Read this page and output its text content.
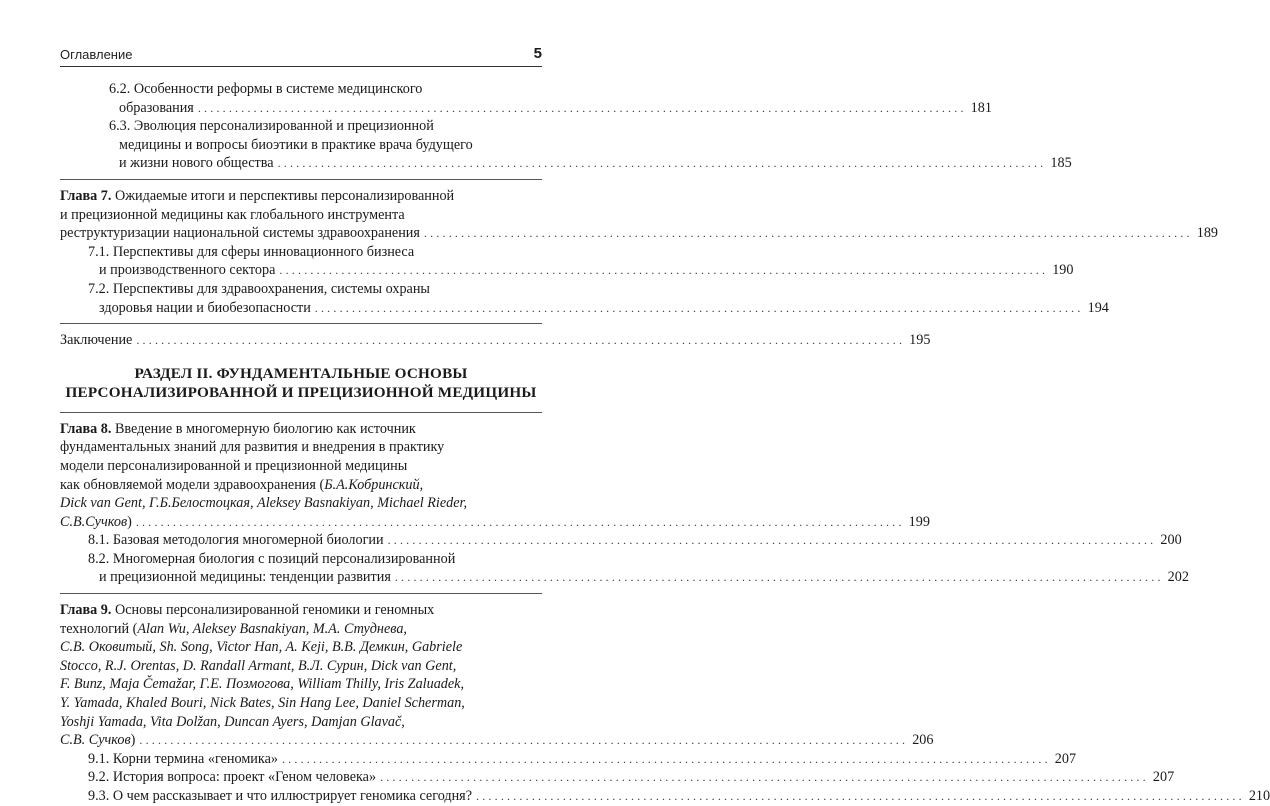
Оглавление	5
6.2. Особенности реформы в системе медицинского
образования ............................................................................................................................ 181
6.3. Эволюция персонализированной и прецизионной
медицины и вопросы биоэтики в практике врача будущего
и жизни нового общества ............................................................................................................................ 185
Глава 7. Ожидаемые итоги и перспективы персонализированной
и прецизионной медицины как глобального инструмента
реструктуризации национальной системы здравоохранения ............................................................................................................................ 189
7.1. Перспективы для сферы инновационного бизнеса
и производственного сектора ............................................................................................................................ 190
7.2. Перспективы для здравоохранения, системы охраны
здоровья нации и биобезопасности ............................................................................................................................ 194
Заключение ............................................................................................................................ 195
РАЗДЕЛ II. ФУНДАМЕНТАЛЬНЫЕ ОСНОВЫ
ПЕРСОНАЛИЗИРОВАННОЙ И ПРЕЦИЗИОННОЙ МЕДИЦИНЫ
Глава 8. Введение в многомерную биологию как источник
фундаментальных знаний для развития и внедрения в практику
модели персонализированной и прецизионной медицины
как обновляемой модели здравоохранения (Б.А.Кобринский,
Dick van Gent, Г.Б.Белостоцкая, Aleksey Basnakiyan, Michael Rieder,
С.В.Сучков) ............................................................................................................................ 199
8.1. Базовая методология многомерной биологии ............................................................................................................................ 200
8.2. Многомерная биология с позиций персонализированной
и прецизионной медицины: тенденции развития ............................................................................................................................ 202
Глава 9. Основы персонализированной геномики и геномных
технологий (Alan Wu, Aleksey Basnakiyan, М.А. Студнева,
С.В. Оковитый, Sh. Song, Victor Han, A. Keji, В.В. Демкин, Gabriele
Stocco, R.J. Orentas, D. Randall Armant, В.Л. Сурин, Dick van Gent,
F. Bunz, Maja Čemažar, Г.Е. Позмогова, William Thilly, Iris Zaluadek,
Y. Yamada, Khaled Bouri, Nick Bates, Sin Hang Lee, Daniel Scherman,
Yoshji Yamada, Vita Dolžan, Duncan Ayers, Damjan Glavač,
С.В. Сучков) ............................................................................................................................ 206
9.1. Корни термина «геномика» ............................................................................................................................ 207
9.2. История вопроса: проект «Геном человека» ............................................................................................................................ 207
9.3. О чем рассказывает и что иллюстрирует геномика сегодня? ............................................................................................................................ 210
